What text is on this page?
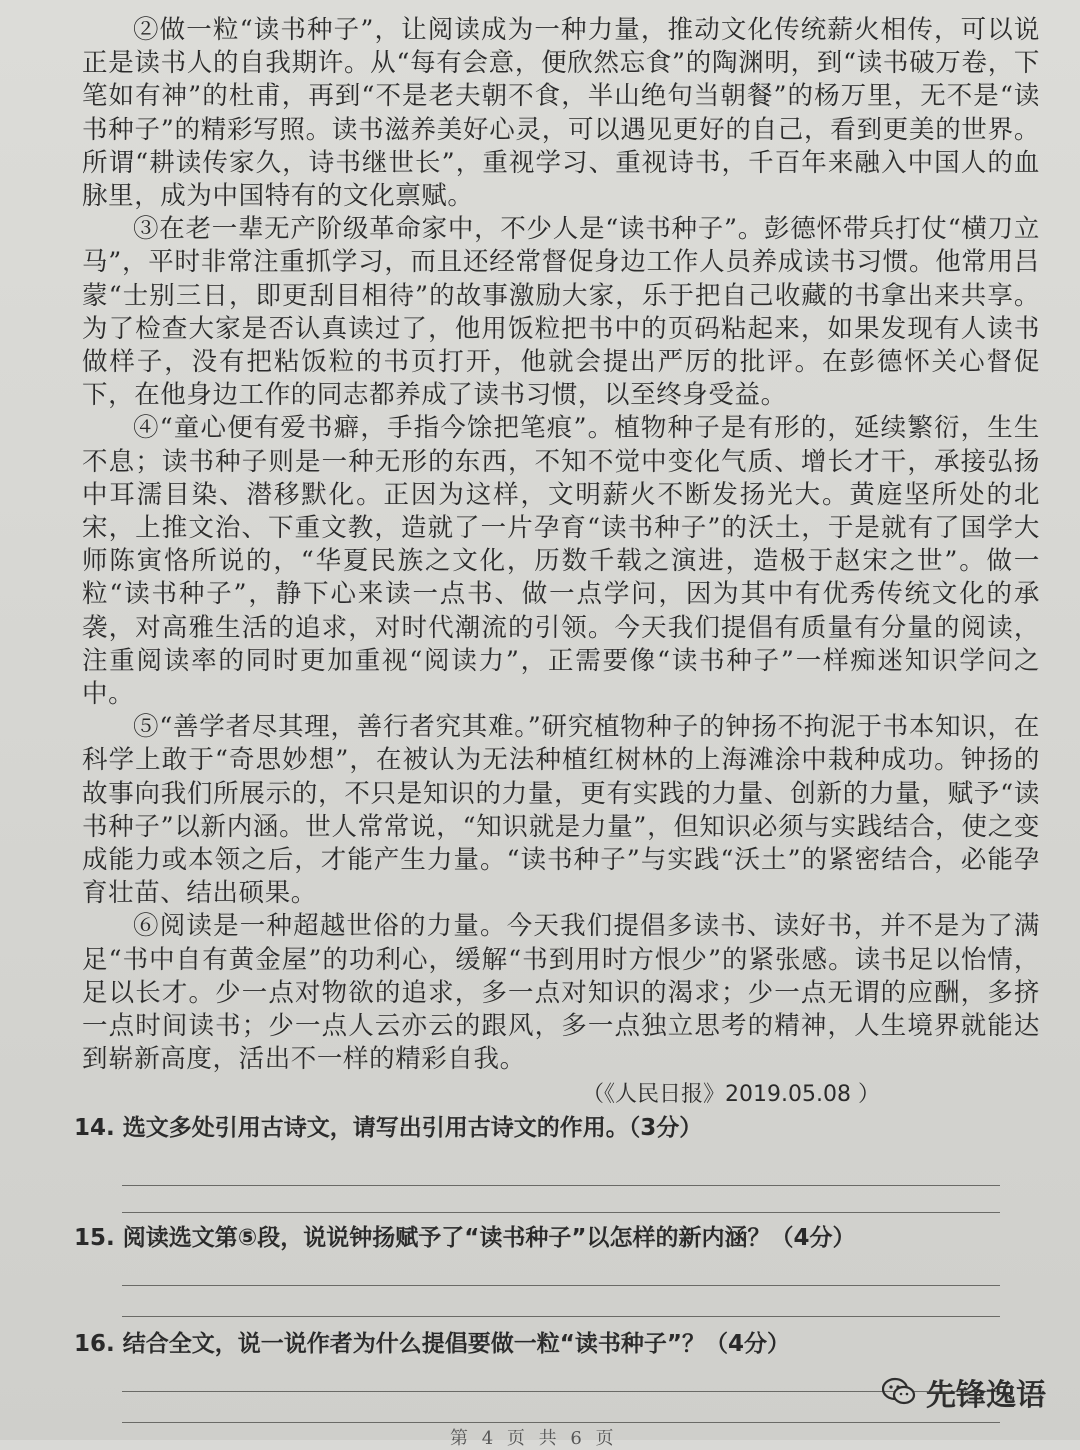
②做一粒“读书种子”，让阅读成为一种力量，推动文化传统薪火相传，可以说正是读书人的自我期许。从“每有会意，便欣然忘食”的陶渊明，到“读书破万卷，下笔如有神”的杜甫，再到“不是老夫朝不食，半山绝句当朝餐”的杨万里，无不是“读书种子”的精彩写照。读书滋养美好心灵，可以遇见更好的自己，看到更美的世界。所谓“耕读传家久，诗书继世长”，重视学习、重视诗书，千百年来融入中国人的血脉里，成为中国特有的文化禀赋。

③在老一辈无产阶级革命家中，不少人是“读书种子”。彭德怀带兵打仗“横刀立马”，平时非常注重抓学习，而且还经常督促身边工作人员养成读书习惯。他常用吕蒙“士别三日，即更刮目相待”的故事激励大家，乐于把自己收藏的书拿出来共享。为了检查大家是否认真读过了，他用饭粒把书中的页码粘起来，如果发现有人读书做样子，没有把粘饭粒的书页打开，他就会提出严厉的批评。在彭德怀关心督促下，在他身边工作的同志都养成了读书习惯，以至终身受益。

④“童心便有爱书癖，手指今馀把笔痕”。植物种子是有形的，延续繁衍，生生不息；读书种子则是一种无形的东西，不知不觉中变化气质、增长才干，承接弘扬中耳濡目染、潜移默化。正因为这样，文明薪火不断发扬光大。黄庭坚所处的北宋，上推文治、下重文教，造就了一片孕育“读书种子”的沃土，于是就有了国学大师陈寅恪所说的，“华夏民族之文化，历数千载之演进，造极于赵宋之世”。做一粒“读书种子”，静下心来读一点书、做一点学问，因为其中有优秀传统文化的承袭，对高雅生活的追求，对时代潮流的引领。今天我们提倡有质量有分量的阅读，注重阅读率的同时更加重视“阅读力”，正需要像“读书种子”一样痴迷知识学问之中。

⑤“善学者尽其理，善行者究其难。”研究植物种子的钟扬不拘泥于书本知识，在科学上敢于“奇思妙想”，在被认为无法种植红树林的上海滩涂中栽种成功。钟扬的故事向我们所展示的，不只是知识的力量，更有实践的力量、创新的力量，赋予“读书种子”以新内涵。世人常常说，“知识就是力量”，但知识必须与实践结合，使之变成能力或本领之后，才能产生力量。“读书种子”与实践“沃土”的紧密结合，必能孕育壮苗、结出硕果。

⑥阅读是一种超越世俗的力量。今天我们提倡多读书、读好书，并不是为了满足“书中自有黄金屋”的功利心，缓解“书到用时方恨少”的紧张感。读书足以怡情，足以长才。少一点对物欲的追求，多一点对知识的渴求；少一点无谓的应酬，多挤一点时间读书；少一点人云亦云的跟风，多一点独立思考的精神，人生境界就能达到崭新高度，活出不一样的精彩自我。

（《人民日报》2019.05.08 ）

14. 选文多处引用古诗文，请写出引用古诗文的作用。（3分）

15. 阅读选文第⑤段，说说钟扬赋予了“读书种子”以怎样的新内涵？（4分）

16. 结合全文，说一说作者为什么提倡要做一粒“读书种子”？（4分）

先锋逸语
第 4 页 共 6 页
